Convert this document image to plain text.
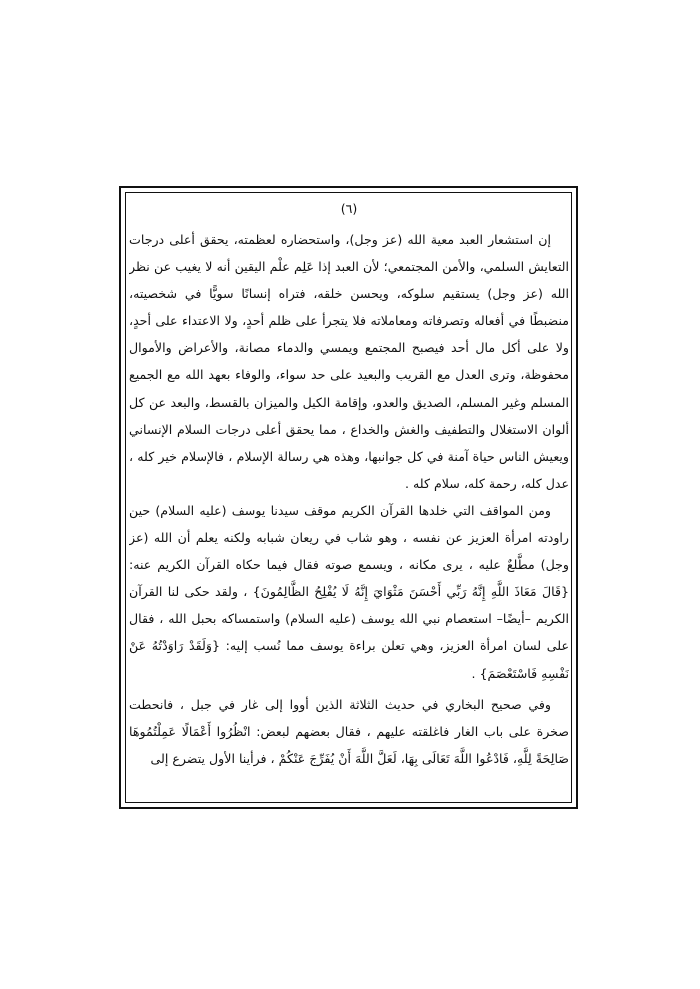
(٦)

إن استشعار العبد معية الله (عز وجل)، واستحضاره لعظمته، يحقق أعلى درجات التعايش السلمي، والأمن المجتمعي؛ لأن العبد إذا عَلِم علْم اليقين أنه لا يغيب عن نظر الله (عز وجل) يستقيم سلوكه، ويحسن خلقه، فتراه إنسانًا سويًّا في شخصيته، منضبطًا في أفعاله وتصرفاته ومعاملاته فلا يتجرأ على ظلم أحدٍ، ولا الاعتداء على أحدٍ، ولا على أكل مال أحد فيصبح المجتمع ويمسي والدماء مصانة، والأعراض والأموال محفوظة، وترى العدل مع القريب والبعيد على حد سواء، والوفاء بعهد الله مع الجميع المسلم وغير المسلم، الصديق والعدو، وإقامة الكيل والميزان بالقسط، والبعد عن كل ألوان الاستغلال والتطفيف والغش والخداع ، مما يحقق أعلى درجات السلام الإنساني ويعيش الناس حياة آمنة في كل جوانبها، وهذه هي رسالة الإسلام ، فالإسلام خير كله ، عدل كله، رحمة كله، سلام كله .

ومن المواقف التي خلدها القرآن الكريم موقف سيدنا يوسف (عليه السلام) حين راودته امرأة العزيز عن نفسه ، وهو شاب في ريعان شبابه ولكنه يعلم أن الله (عز وجل) مطَّلعٌ عليه ، يرى مكانه ، ويسمع صوته فقال فيما حكاه القرآن الكريم عنه: {قَالَ مَعَاذَ اللَّهِ إِنَّهُ رَبِّي أَحْسَنَ مَثْوَايَ إِنَّهُ لَا يُفْلِحُ الظَّالِمُونَ} ، ولقد حكى لنا القرآن الكريم –أيضًا– استعصام نبي الله يوسف (عليه السلام) واستمساكه بحبل الله ، فقال على لسان امرأة العزيز، وهي تعلن براءة يوسف مما نُسب إليه: {وَلَقَدْ رَاوَدْتُهُ عَنْ نَفْسِهِ فَاسْتَعْصَمَ} .

وفي صحيح البخاري في حديث الثلاثة الذين أووا إلى غار في جبل ، فانحطت صخرة على باب الغار فاغلقته عليهم ، فقال بعضهم لبعض: انْظُرُوا أَعْمَالًا عَمِلْتُمُوهَا صَالِحَةً لِلَّهِ، فَادْعُوا اللَّهَ تَعَالَى بِهَا، لَعَلَّ اللَّهَ أَنْ يُفَرِّجَ عَنْكُمْ ، فرأينا الأول يتضرع إلى
